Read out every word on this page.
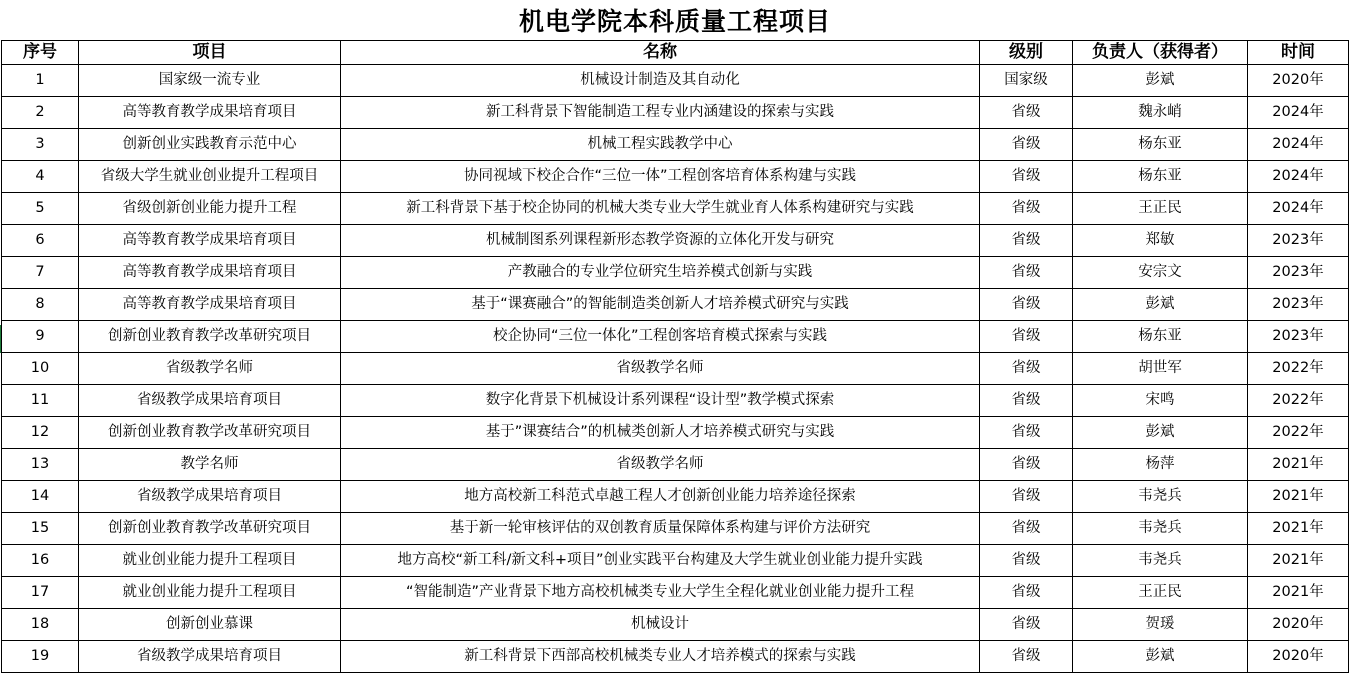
机电学院本科质量工程项目
序号	项目	名称	级别	负责人（获得者）	时间
1	国家级一流专业	机械设计制造及其自动化	国家级	彭斌	2020年
2	高等教育教学成果培育项目	新工科背景下智能制造工程专业内涵建设的探索与实践	省级	魏永峭	2024年
3	创新创业实践教育示范中心	机械工程实践教学中心	省级	杨东亚	2024年
4	省级大学生就业创业提升工程项目	协同视域下校企合作“三位一体”工程创客培育体系构建与实践	省级	杨东亚	2024年
5	省级创新创业能力提升工程	新工科背景下基于校企协同的机械大类专业大学生就业育人体系构建研究与实践	省级	王正民	2024年
6	高等教育教学成果培育项目	机械制图系列课程新形态教学资源的立体化开发与研究	省级	郑敏	2023年
7	高等教育教学成果培育项目	产教融合的专业学位研究生培养模式创新与实践	省级	安宗文	2023年
8	高等教育教学成果培育项目	基于“课赛融合”的智能制造类创新人才培养模式研究与实践	省级	彭斌	2023年
9	创新创业教育教学改革研究项目	校企协同“三位一体化”工程创客培育模式探索与实践	省级	杨东亚	2023年
10	省级教学名师	省级教学名师	省级	胡世军	2022年
11	省级教学成果培育项目	数字化背景下机械设计系列课程“设计型”教学模式探索	省级	宋鸣	2022年
12	创新创业教育教学改革研究项目	基于”课赛结合”的机械类创新人才培养模式研究与实践	省级	彭斌	2022年
13	教学名师	省级教学名师	省级	杨萍	2021年
14	省级教学成果培育项目	地方高校新工科范式卓越工程人才创新创业能力培养途径探索	省级	韦尧兵	2021年
15	创新创业教育教学改革研究项目	基于新一轮审核评估的双创教育质量保障体系构建与评价方法研究	省级	韦尧兵	2021年
16	就业创业能力提升工程项目	地方高校“新工科/新文科+项目”创业实践平台构建及大学生就业创业能力提升实践	省级	韦尧兵	2021年
17	就业创业能力提升工程项目	“智能制造”产业背景下地方高校机械类专业大学生全程化就业创业能力提升工程	省级	王正民	2021年
18	创新创业慕课	机械设计	省级	贺瑗	2020年
19	省级教学成果培育项目	新工科背景下西部高校机械类专业人才培养模式的探索与实践	省级	彭斌	2020年
